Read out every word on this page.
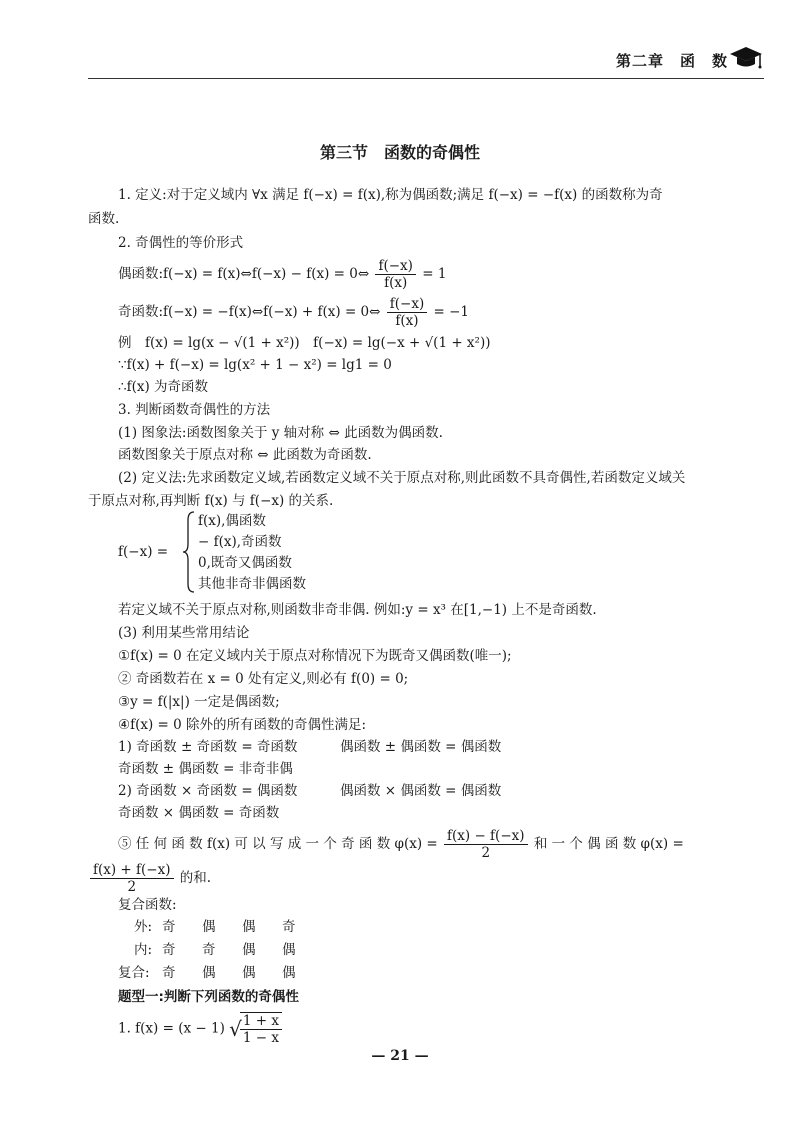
第二章　函　数
第三节　函数的奇偶性
1. 定义:对于定义域内 ∀x 满足 f(−x) = f(x),称为偶函数;满足 f(−x) = −f(x) 的函数称为奇
函数.
2. 奇偶性的等价形式
偶函数:f(−x) = f(x)⇔f(−x) − f(x) = 0⇔ $\frac{f(-x)}{f(x)} = 1$
奇函数:f(−x) = −f(x)⇔f(−x) + f(x) = 0⇔ $\frac{f(-x)}{f(x)} = -1$
例　f(x) = lg(x − √(1 + x²))　f(−x) = lg(−x + √(1 + x²))
∵f(x) + f(−x) = lg(x² + 1 − x²) = lg1 = 0
∴f(x) 为奇函数
3. 判断函数奇偶性的方法
(1) 图象法:函数图象关于 y 轴对称 ⇔ 此函数为偶函数.
函数图象关于原点对称 ⇔ 此函数为奇函数.
(2) 定义法:先求函数定义域,若函数定义域不关于原点对称,则此函数不具奇偶性,若函数定义域关
于原点对称,再判断 f(x) 与 f(−x) 的关系.
f(−x) =
f(x),偶函数
− f(x),奇函数
0,既奇又偶函数
其他非奇非偶函数
若定义域不关于原点对称,则函数非奇非偶. 例如:y = x³ 在[1,−1) 上不是奇函数.
(3) 利用某些常用结论
①f(x) = 0 在定义域内关于原点对称情况下为既奇又偶函数(唯一);
② 奇函数若在 x = 0 处有定义,则必有 f(0) = 0;
③y = f(|x|) 一定是偶函数;
④f(x) = 0 除外的所有函数的奇偶性满足:
1) 奇函数 ± 奇函数 = 奇函数	偶函数 ± 偶函数 = 偶函数
奇函数 ± 偶函数 = 非奇非偶
2) 奇函数 × 奇函数 = 偶函数	偶函数 × 偶函数 = 偶函数
奇函数 × 偶函数 = 奇函数
⑤ 任 何 函 数 f(x) 可 以 写 成 一 个 奇 函 数 $\varphi(x) = \frac{f(x) - f(-x)}{2}$ 和 一 个 偶 函 数 φ(x) =
$\frac{f(x) + f(-x)}{2}$ 的和.
复合函数:
外: 奇 偶 偶 奇
内: 奇 奇 偶 偶
复合: 奇 偶 偶 偶
题型一:判断下列函数的奇偶性
1. f(x) = (x − 1) √
$\frac{1 + x}{1 - x}$
— 21 —
